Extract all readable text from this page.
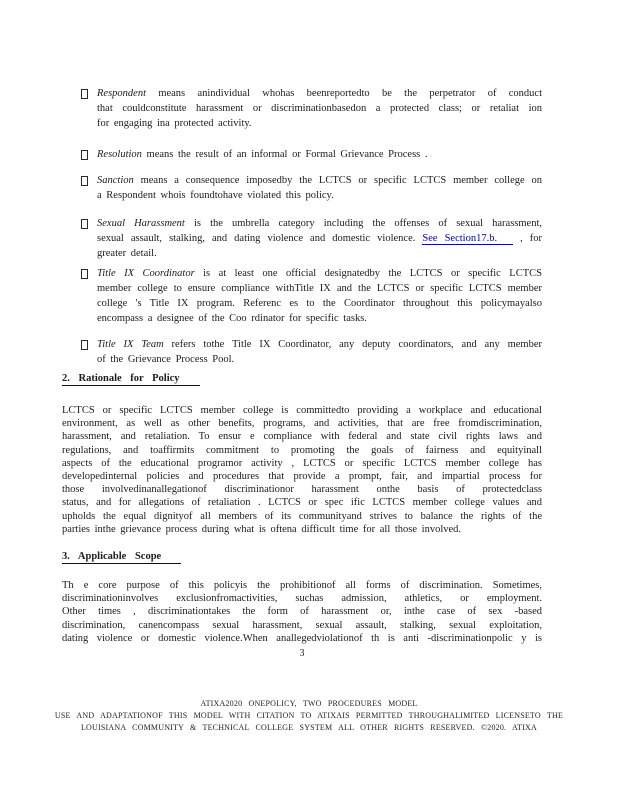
Respondent means anindividual whohas beenreportedto be the perpetrator of conduct
that couldconstitute harassment or discriminationbasedon a protected class; or retaliat ion
for engaging ina protected activity.
Resolution means the result of an informal or Formal Grievance Process .
Sanction means a consequence imposedby the LCTCS or specific LCTCS member college on
a Respondent whois foundtohave violated this policy.
Sexual Harassment is the umbrella category including the offenses of sexual harassment,
sexual assault, stalking, and dating violence and domestic violence. See Section17.b. , for
greater detail.
Title IX Coordinator is at least one official designatedby the LCTCS or specific LCTCS
member college to ensure compliance withTitle IX and the LCTCS or specific LCTCS member
college 's Title IX program. Referenc es to the Coordinator throughout this policymayalso
encompass a designee of the Coo rdinator for specific tasks.
Title IX Team refers tothe Title IX Coordinator, any deputy coordinators, and any member
of the Grievance Process Pool.
2. Rationale for Policy
LCTCS or specific LCTCS member college is committedto providing a workplace and educational
environment, as well as other benefits, programs, and activities, that are free fromdiscrimination,
harassment, and retaliation. To ensur e compliance with federal and state civil rights laws and
regulations, and toaffirmits commitment to promoting the goals of fairness and equityinall
aspects of the educational programor activity , LCTCS or specific LCTCS member college has
developedinternal policies and procedures that provide a prompt, fair, and impartial process for
those involvedinanallegationof discriminationor harassment onthe basis of protectedclass
status, and for allegations of retaliation . LCTCS or spec ific LCTCS member college values and
upholds the equal dignityof all members of its communityand strives to balance the rights of the
parties inthe grievance process during what is oftena difficult time for all those involved.
3. Applicable Scope
Th e core purpose of this policyis the prohibitionof all forms of discrimination. Sometimes,
discriminationinvolves exclusionfromactivities, suchas admission, athletics, or employment.
Other times , discriminationtakes the form of harassment or, inthe case of sex -based
discrimination, canencompass sexual harassment, sexual assault, stalking, sexual exploitation,
dating violence or domestic violence.When anallegedviolationof th is anti -discriminationpolic y is
3
ATIXA2020 ONEPOLICY, TWO PROCEDURES MODEL
USE AND ADAPTATIONOF THIS MODEL WITH CITATION TO ATIXAIS PERMITTED THROUGHALIMITED LICENSETO THE
LOUISIANA COMMUNITY & TECHNICAL COLLEGE SYSTEM ALL OTHER RIGHTS RESERVED. ©2020. ATIXA
